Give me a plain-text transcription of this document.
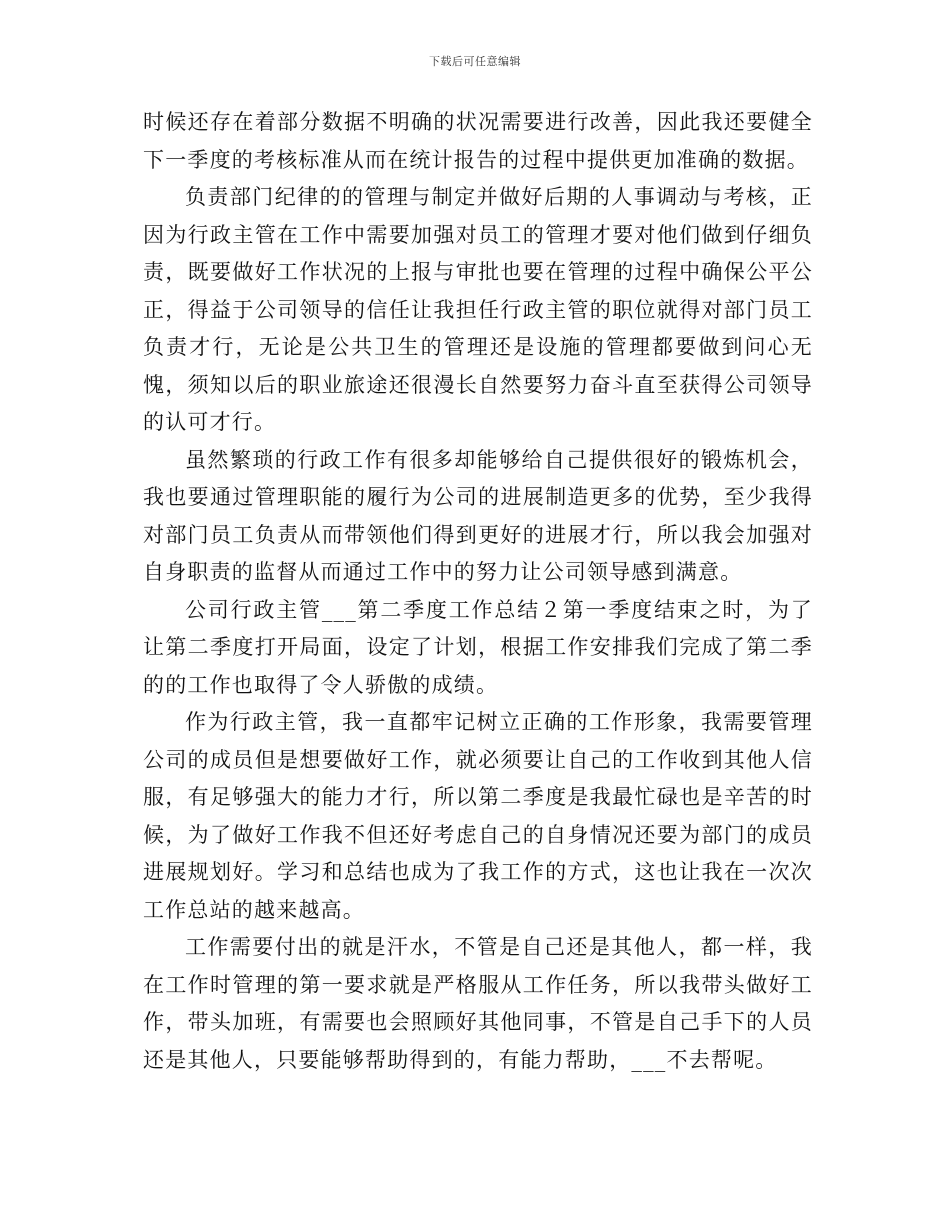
下载后可任意编辑

时候还存在着部分数据不明确的状况需要进行改善，因此我还要健全下一季度的考核标准从而在统计报告的过程中提供更加准确的数据。

负责部门纪律的的管理与制定并做好后期的人事调动与考核，正因为行政主管在工作中需要加强对员工的管理才要对他们做到仔细负责，既要做好工作状况的上报与审批也要在管理的过程中确保公平公正，得益于公司领导的信任让我担任行政主管的职位就得对部门员工负责才行，无论是公共卫生的管理还是设施的管理都要做到问心无愧，须知以后的职业旅途还很漫长自然要努力奋斗直至获得公司领导的认可才行。

虽然繁琐的行政工作有很多却能够给自己提供很好的锻炼机会，我也要通过管理职能的履行为公司的进展制造更多的优势，至少我得对部门员工负责从而带领他们得到更好的进展才行，所以我会加强对自身职责的监督从而通过工作中的努力让公司领导感到满意。

公司行政主管___第二季度工作总结２第一季度结束之时，为了让第二季度打开局面，设定了计划，根据工作安排我们完成了第二季的的工作也取得了令人骄傲的成绩。

作为行政主管，我一直都牢记树立正确的工作形象，我需要管理公司的成员但是想要做好工作，就必须要让自己的工作收到其他人信服，有足够强大的能力才行，所以第二季度是我最忙碌也是辛苦的时候，为了做好工作我不但还好考虑自己的自身情况还要为部门的成员进展规划好。学习和总结也成为了我工作的方式，这也让我在一次次工作总站的越来越高。

工作需要付出的就是汗水，不管是自己还是其他人，都一样，我在工作时管理的第一要求就是严格服从工作任务，所以我带头做好工作，带头加班，有需要也会照顾好其他同事，不管是自己手下的人员还是其他人，只要能够帮助得到的，有能力帮助，___不去帮呢。
